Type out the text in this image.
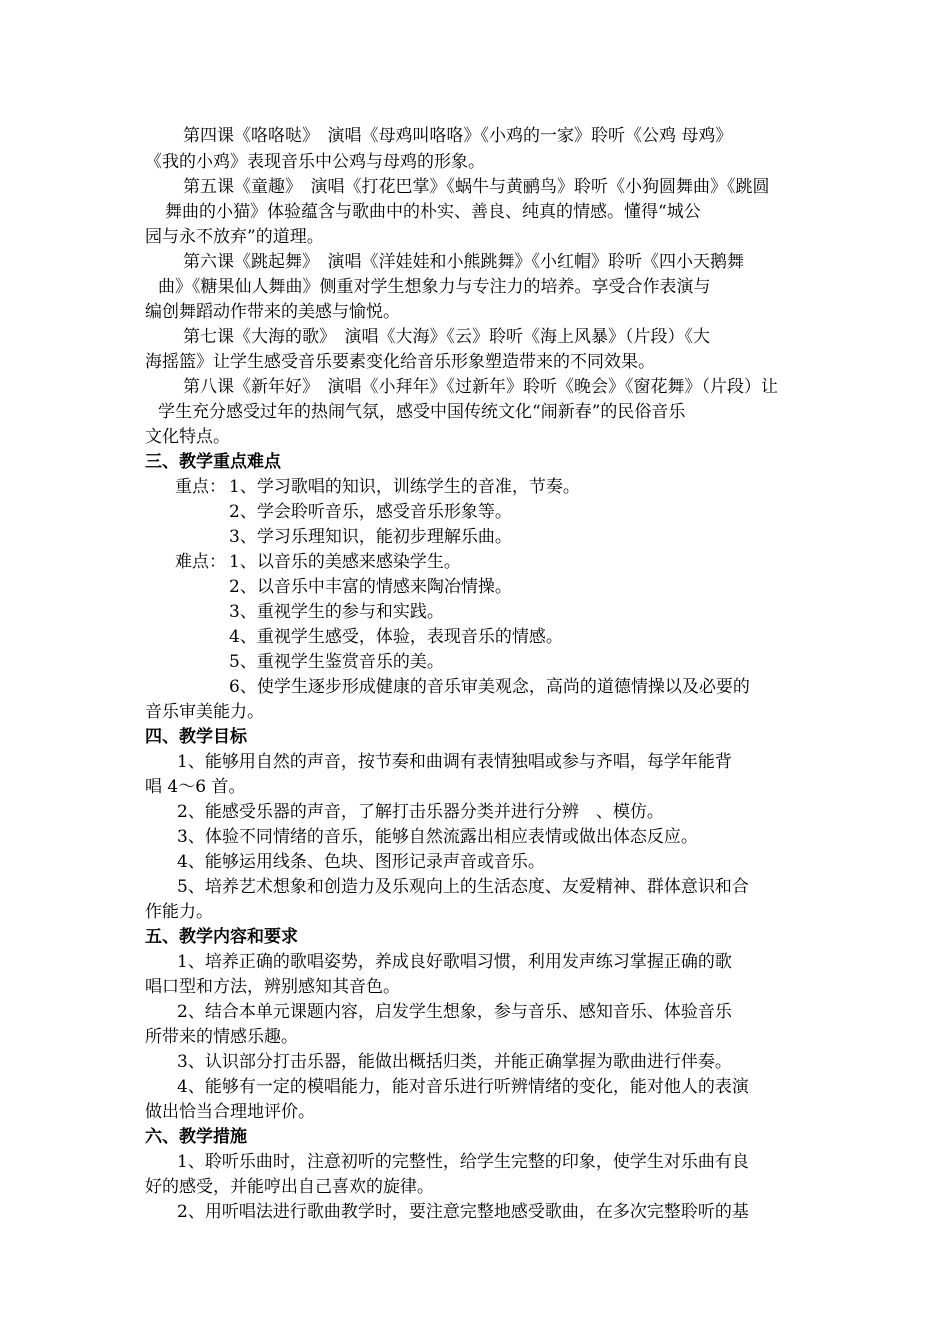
第四课《咯咯哒》　演唱《母鸡叫咯咯》《小鸡的一家》聆听《公鸡 母鸡》
《我的小鸡》表现音乐中公鸡与母鸡的形象。
第五课《童趣》　演唱《打花巴掌》《蜗牛与黄鹂鸟》聆听《小狗圆舞曲》《跳圆
舞曲的小猫》体验蕴含与歌曲中的朴实、善良、纯真的情感。懂得“城公
园与永不放弃”的道理。
第六课《跳起舞》　演唱《洋娃娃和小熊跳舞》《小红帽》聆听《四小天鹅舞
曲》《糖果仙人舞曲》侧重对学生想象力与专注力的培养。享受合作表演与
编创舞蹈动作带来的美感与愉悦。
第七课《大海的歌》　演唱《大海》《云》聆听《海上风暴》（片段）《大
海摇篮》让学生感受音乐要素变化给音乐形象塑造带来的不同效果。
第八课《新年好》　演唱《小拜年》《过新年》聆听《晚会》《窗花舞》（片段）让
学生充分感受过年的热闹气氛，感受中国传统文化“闹新春”的民俗音乐
文化特点。
三、教学重点难点
重点： 1、学习歌唱的知识，训练学生的音准，节奏。
2、学会聆听音乐，感受音乐形象等。
3、学习乐理知识，能初步理解乐曲。
难点： 1、以音乐的美感来感染学生。
2、以音乐中丰富的情感来陶冶情操。
3、重视学生的参与和实践。
4、重视学生感受，体验，表现音乐的情感。
5、重视学生鉴赏音乐的美。
6、使学生逐步形成健康的音乐审美观念，高尚的道德情操以及必要的
音乐审美能力。
四、教学目标
1、能够用自然的声音，按节奏和曲调有表情独唱或参与齐唱，每学年能背
唱 4～6 首。
2、能感受乐器的声音，了解打击乐器分类并进行分辨　、模仿。
3、体验不同情绪的音乐，能够自然流露出相应表情或做出体态反应。
4、能够运用线条、色块、图形记录声音或音乐。
5、培养艺术想象和创造力及乐观向上的生活态度、友爱精神、群体意识和合
作能力。
五、教学内容和要求
1、培养正确的歌唱姿势，养成良好歌唱习惯，利用发声练习掌握正确的歌
唱口型和方法，辨别感知其音色。
2、结合本单元课题内容，启发学生想象，参与音乐、感知音乐、体验音乐
所带来的情感乐趣。
3、认识部分打击乐器，能做出概括归类，并能正确掌握为歌曲进行伴奏。
4、能够有一定的模唱能力，能对音乐进行听辨情绪的变化，能对他人的表演
做出恰当合理地评价。
六、教学措施
1、聆听乐曲时，注意初听的完整性，给学生完整的印象，使学生对乐曲有良
好的感受，并能哼出自己喜欢的旋律。
2、用听唱法进行歌曲教学时，要注意完整地感受歌曲，在多次完整聆听的基
